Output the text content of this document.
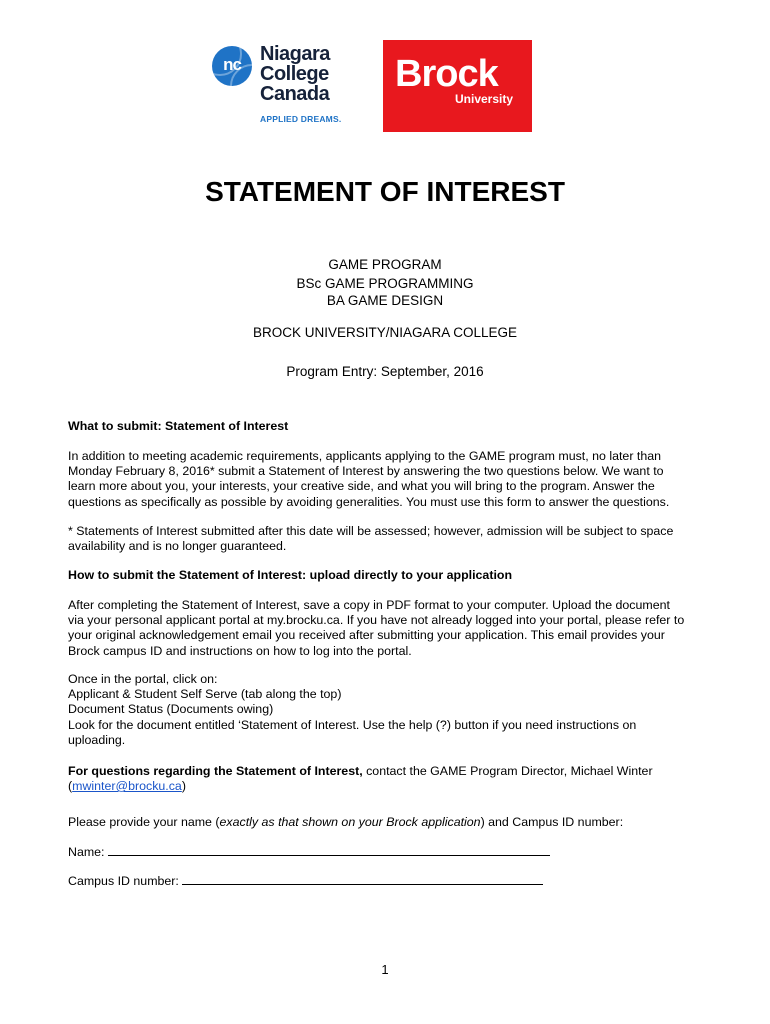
nc Niagara
College
Canada
APPLIED DREAMS.
Brock
University
STATEMENT OF INTEREST
GAME PROGRAM
BSc GAME PROGRAMMING
BA GAME DESIGN
BROCK UNIVERSITY/NIAGARA COLLEGE
Program Entry: September, 2016
What to submit: Statement of Interest
In addition to meeting academic requirements, applicants applying to the GAME program must, no later than
Monday February 8, 2016* submit a Statement of Interest by answering the two questions below. We want to
learn more about you, your interests, your creative side, and what you will bring to the program. Answer the
questions as specifically as possible by avoiding generalities. You must use this form to answer the questions.
* Statements of Interest submitted after this date will be assessed; however, admission will be subject to space
availability and is no longer guaranteed.
How to submit the Statement of Interest: upload directly to your application
After completing the Statement of Interest, save a copy in PDF format to your computer. Upload the document
via your personal applicant portal at my.brocku.ca. If you have not already logged into your portal, please refer to
your original acknowledgement email you received after submitting your application. This email provides your
Brock campus ID and instructions on how to log into the portal.
Once in the portal, click on:
Applicant & Student Self Serve (tab along the top)
Document Status (Documents owing)
Look for the document entitled ‘Statement of Interest. Use the help (?) button if you need instructions on
uploading.
For questions regarding the Statement of Interest, contact the GAME Program Director, Michael Winter
(mwinter@brocku.ca)
Please provide your name (exactly as that shown on your Brock application) and Campus ID number:
Name:
Campus ID number:
1
